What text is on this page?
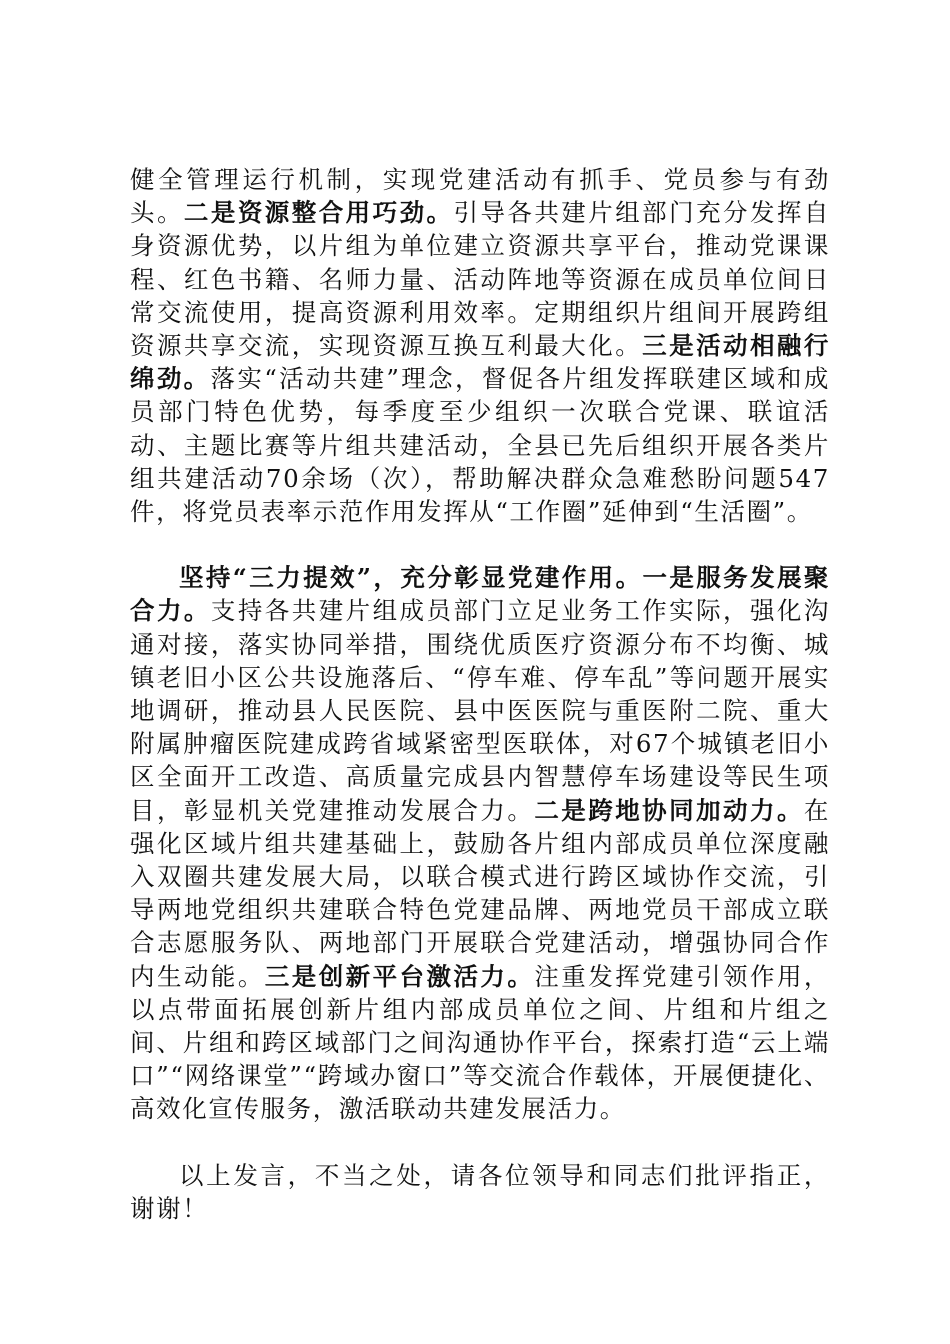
健全管理运行机制，实现党建活动有抓手、党员参与有劲头。二是资源整合用巧劲。引导各共建片组部门充分发挥自身资源优势，以片组为单位建立资源共享平台，推动党课课程、红色书籍、名师力量、活动阵地等资源在成员单位间日常交流使用，提高资源利用效率。定期组织片组间开展跨组资源共享交流，实现资源互换互利最大化。三是活动相融行绵劲。落实“活动共建”理念，督促各片组发挥联建区域和成员部门特色优势，每季度至少组织一次联合党课、联谊活动、主题比赛等片组共建活动，全县已先后组织开展各类片组共建活动70余场（次），帮助解决群众急难愁盼问题547件，将党员表率示范作用发挥从“工作圈”延伸到“生活圈”。

坚持“三力提效”，充分彰显党建作用。一是服务发展聚合力。支持各共建片组成员部门立足业务工作实际，强化沟通对接，落实协同举措，围绕优质医疗资源分布不均衡、城镇老旧小区公共设施落后、“停车难、停车乱”等问题开展实地调研，推动县人民医院、县中医医院与重医附二院、重大附属肿瘤医院建成跨省域紧密型医联体，对67个城镇老旧小区全面开工改造、高质量完成县内智慧停车场建设等民生项目，彰显机关党建推动发展合力。二是跨地协同加动力。在强化区域片组共建基础上，鼓励各片组内部成员单位深度融入双圈共建发展大局，以联合模式进行跨区域协作交流，引导两地党组织共建联合特色党建品牌、两地党员干部成立联合志愿服务队、两地部门开展联合党建活动，增强协同合作内生动能。三是创新平台激活力。注重发挥党建引领作用，以点带面拓展创新片组内部成员单位之间、片组和片组之间、片组和跨区域部门之间沟通协作平台，探索打造“云上端口”“网络课堂”“跨域办窗口”等交流合作载体，开展便捷化、高效化宣传服务，激活联动共建发展活力。

以上发言，不当之处，请各位领导和同志们批评指正，谢谢！
